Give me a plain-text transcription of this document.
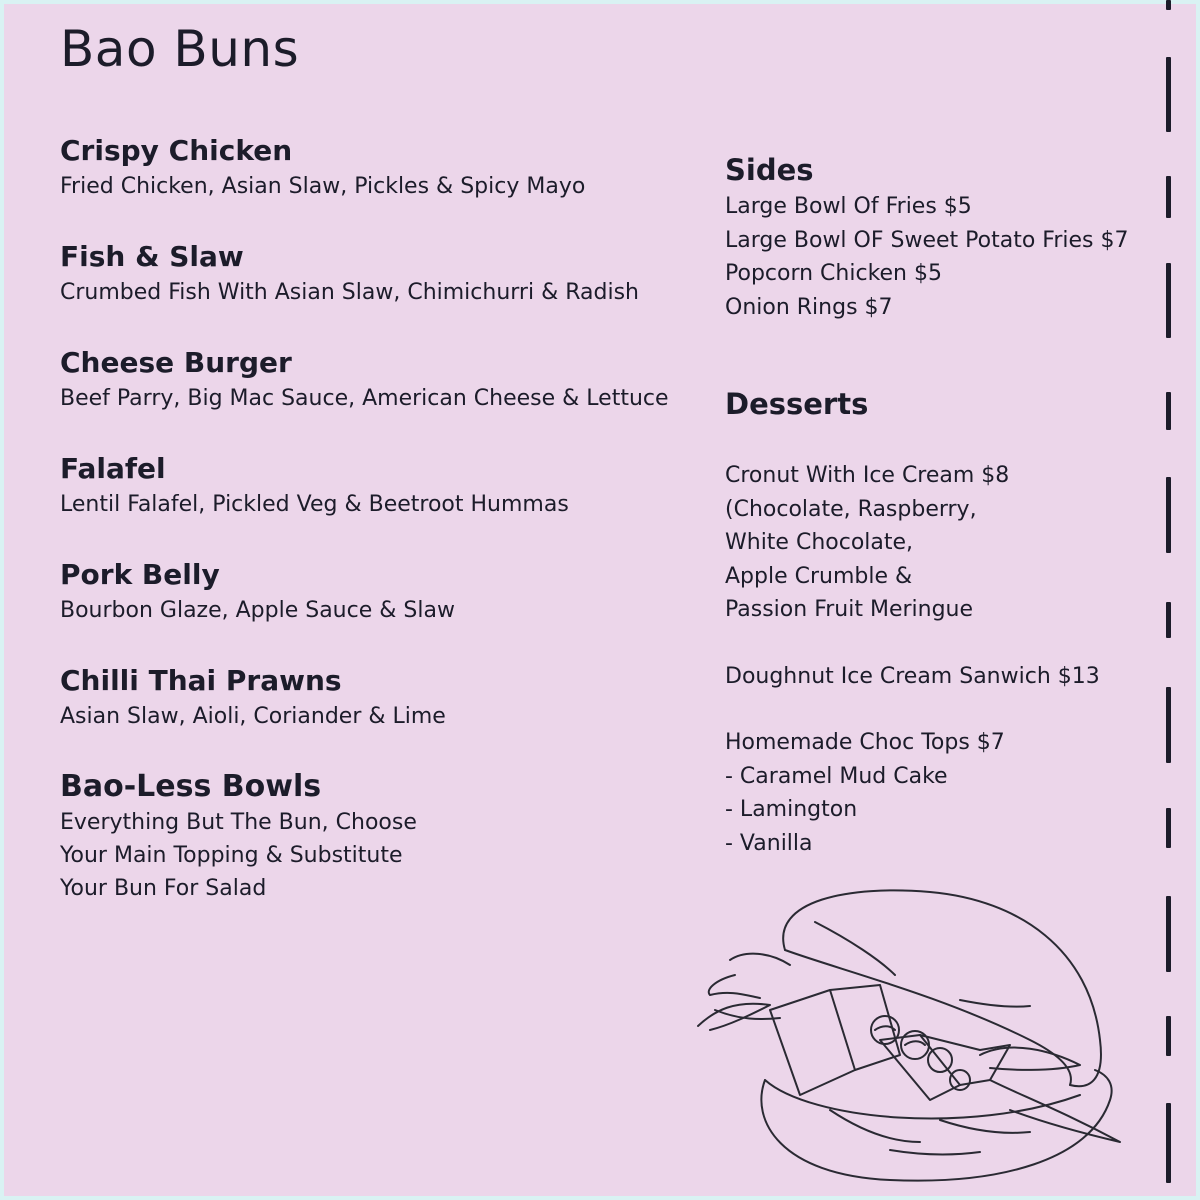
Bao Buns

Crispy Chicken

Fried Chicken, Asian Slaw, Pickles & Spicy Mayo

Fish & Slaw

Crumbed Fish With Asian Slaw, Chimichurri & Radish

Cheese Burger

Beef Parry, Big Mac Sauce, American Cheese & Lettuce

Falafel

Lentil Falafel, Pickled Veg & Beetroot Hummas

Pork Belly

Bourbon Glaze, Apple Sauce & Slaw

Chilli Thai Prawns

Asian Slaw, Aioli, Coriander & Lime

Bao-Less Bowls

Everything But The Bun, Choose
Your Main Topping & Substitute
Your Bun For Salad

Sides

Large Bowl Of Fries $5

Large Bowl OF Sweet Potato Fries $7

Popcorn Chicken $5

Onion Rings $7

Desserts

Cronut With Ice Cream $8

(Chocolate, Raspberry,

White Chocolate,

Apple Crumble &

Passion Fruit Meringue

Doughnut Ice Cream Sanwich $13

Homemade Choc Tops $7

- Caramel Mud Cake

- Lamington

- Vanilla
